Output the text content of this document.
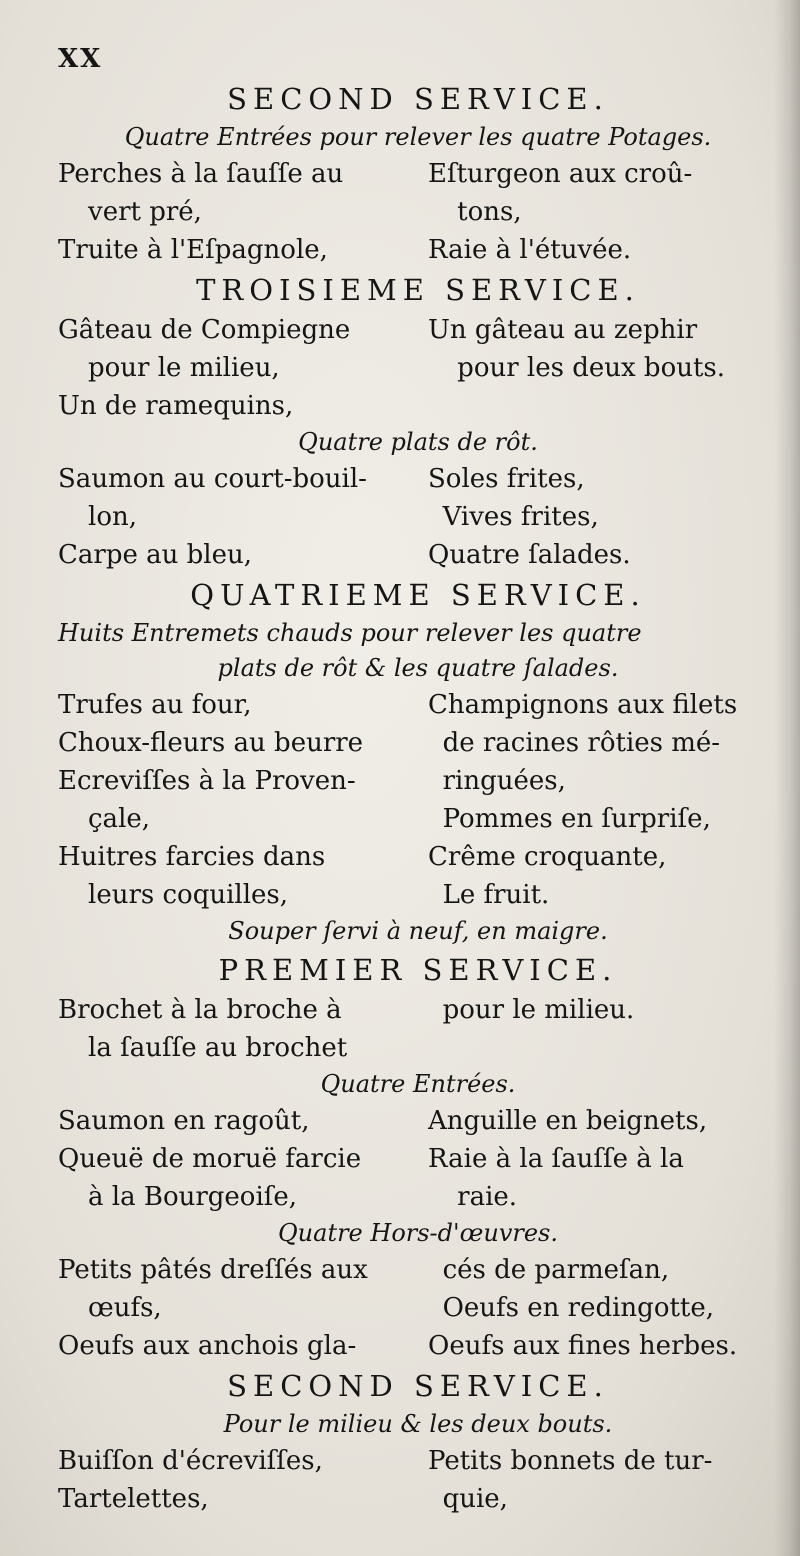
XX
SECOND SERVICE.
Quatre Entrées pour relever les quatre Potages.
Perches à la ſauſſe au	Eſturgeon aux croû-
vert pré,	tons,
Truite à l'Eſpagnole,	Raie à l'étuvée.
TROISIEME SERVICE.
Gâteau de Compiegne	Un gâteau au zephir
pour le milieu,	pour les deux bouts.
Un de ramequins,
Quatre plats de rôt.
Saumon au court-bouil-	Soles frites,
lon,	Vives frites,
Carpe au bleu,	Quatre ſalades.
QUATRIEME SERVICE.
Huits Entremets chauds pour relever les quatre
plats de rôt & les quatre ſalades.
Trufes au four,	Champignons aux filets
Choux-fleurs au beurre	de racines rôties mé-
Ecreviſſes à la Proven-	ringuées,
çale,	Pommes en ſurpriſe,
Huitres farcies dans	Crême croquante,
leurs coquilles,	Le fruit.
Souper ſervi à neuf, en maigre.
PREMIER SERVICE.
Brochet à la broche à	pour le milieu.
la ſauſſe au brochet
Quatre Entrées.
Saumon en ragoût,	Anguille en beignets,
Queuë de moruë farcie	Raie à la ſauſſe à la
à la Bourgeoiſe,	raie.
Quatre Hors-d'œuvres.
Petits pâtés dreſſés aux	cés de parmeſan,
œufs,	Oeufs en redingotte,
Oeufs aux anchois gla-	Oeufs aux fines herbes.
SECOND SERVICE.
Pour le milieu & les deux bouts.
Buiſſon d'écreviſſes,	Petits bonnets de tur-
Tartelettes,	quie,
